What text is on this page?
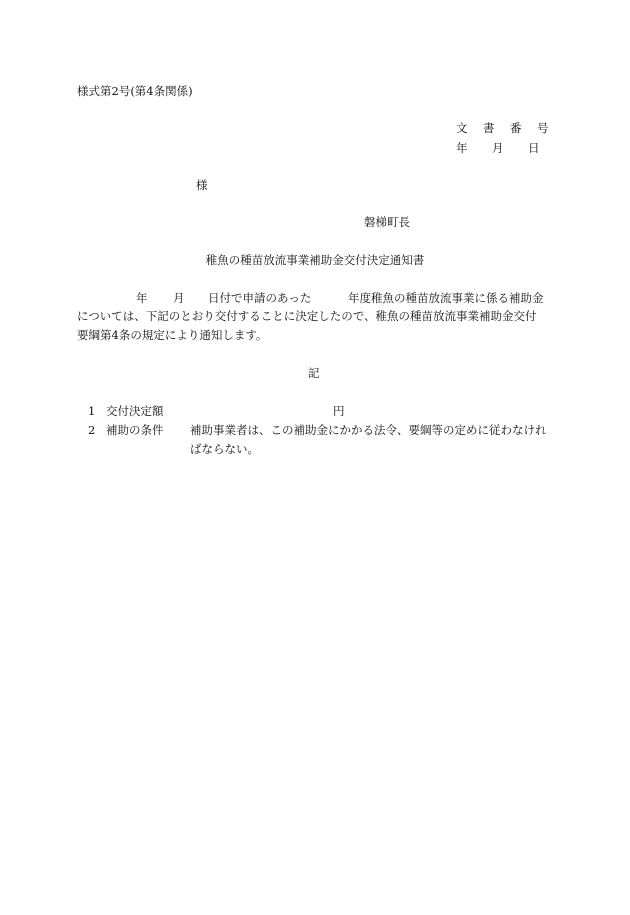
様式第2号(第4条関係)
文 書 番 号
年 月 日
様
磐梯町長
稚魚の種苗放流事業補助金交付決定通知書
年 月 日付で申請のあった	年度稚魚の種苗放流事業に係る補助金
については、下記のとおり交付することに決定したので、稚魚の種苗放流事業補助金交付
要綱第4条の規定により通知します。
記
1 交付決定額	円
2 補助の条件 補助事業者は、この補助金にかかる法令、要綱等の定めに従わなけれ
ばならない。
